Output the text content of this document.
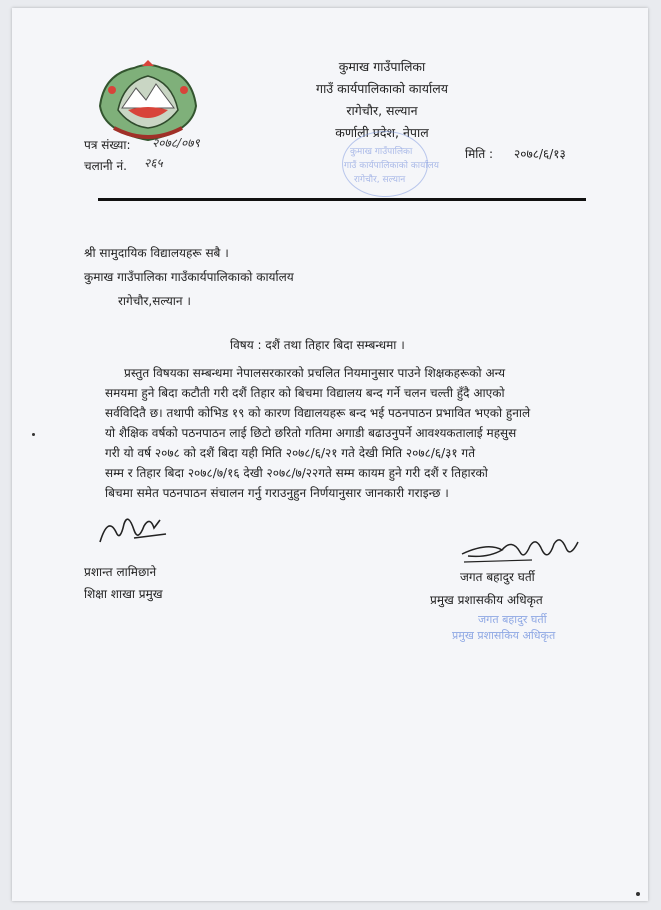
कुमाख गाउँपालिका
गाउँ कार्यपालिकाको कार्यालय
रागेचौर, सल्यान
कर्णाली प्रदेश, नेपाल
कुमाख गाउँपालिका
गाउँ कार्यपालिकाको कार्यालय
रागेचौर, सल्यान
पत्र संख्या: २०७८/०७९
चलानी नं. २६५
मिति : २०७८/६/१३
श्री सामुदायिक विद्यालयहरू सबै ।
कुमाख गाउँपालिका गाउँकार्यपालिकाको कार्यालय
रागेचौर,सल्यान ।
विषय : दशैं तथा तिहार बिदा सम्बन्धमा ।
प्रस्तुत विषयका सम्बन्धमा नेपालसरकारको प्रचलित नियमानुसार पाउने शिक्षकहरूको अन्य
समयमा हुने बिदा कटौती गरी दशैं तिहार को बिचमा विद्यालय बन्द गर्ने चलन चल्ती हुँदै आएको
सर्वविदितै छ। तथापी कोभिड १९ को कारण विद्यालयहरू बन्द भई पठनपाठन प्रभावित भएको हुनाले
यो शैक्षिक वर्षको पठनपाठन लाई छिटो छरितो गतिमा अगाडी बढाउनुपर्ने आवश्यकतालाई महसुस
गरी यो वर्ष २०७८ को दशैं बिदा यही मिति २०७८/६/२१ गते देखी मिति २०७८/६/३१ गते
सम्म र तिहार बिदा २०७८/७/१६ देखी २०७८/७/२२गते सम्म कायम हुने गरी दशैं र तिहारको
बिचमा समेत पठनपाठन संचालन गर्नु गराउनुहुन निर्णयानुसार जानकारी गराइन्छ ।
प्रशान्त लामिछाने
शिक्षा शाखा प्रमुख
जगत बहादुर घर्ती
प्रमुख प्रशासकीय अधिकृत
जगत बहादुर घर्ती
प्रमुख प्रशासकिय अधिकृत
